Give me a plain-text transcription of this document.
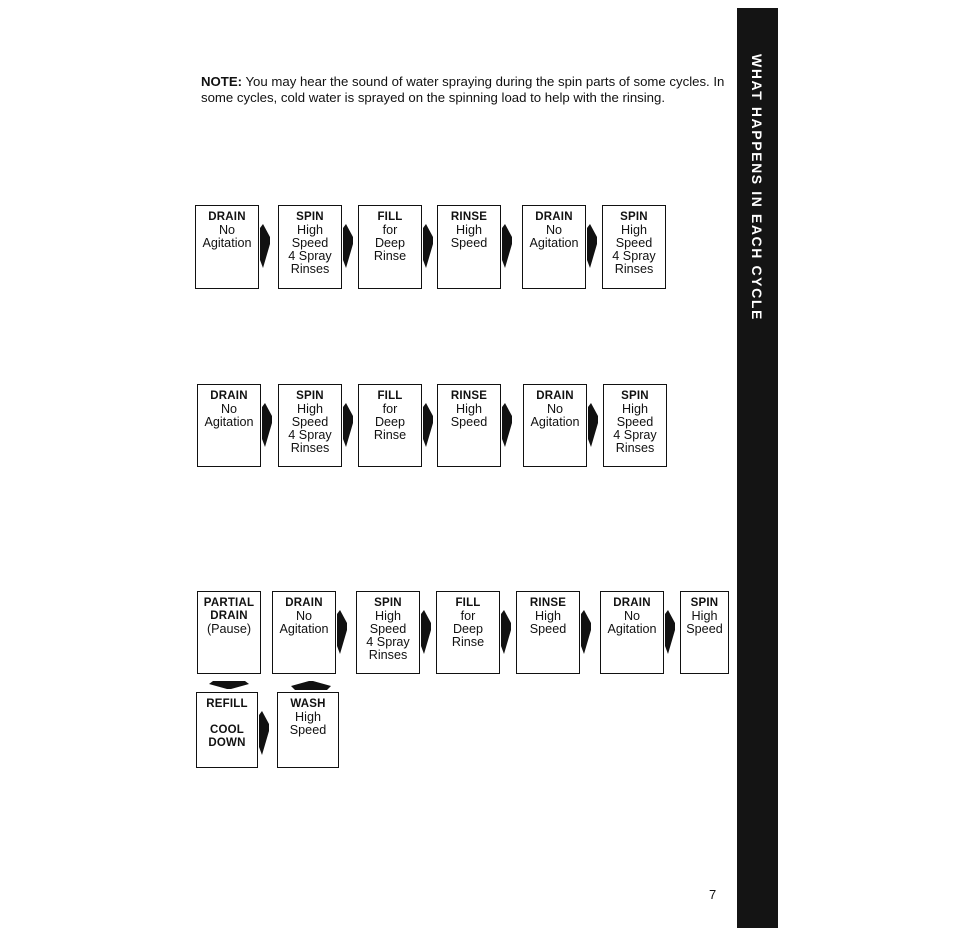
NOTE: You may hear the sound of water spraying during the spin parts of some cycles. In some cycles, cold water is sprayed on the spinning load to help with the rinsing.	WHAT HAPPENS IN EACH CYCLE
7
DRAIN
No
Agitation
SPIN
High
Speed
4 Spray
Rinses
FILL
for
Deep
Rinse
RINSE
High
Speed
DRAIN
No
Agitation
SPIN
High
Speed
4 Spray
Rinses
DRAIN
No
Agitation
SPIN
High
Speed
4 Spray
Rinses
FILL
for
Deep
Rinse
RINSE
High
Speed
DRAIN
No
Agitation
SPIN
High
Speed
4 Spray
Rinses
PARTIAL
DRAIN
(Pause)
DRAIN
No
Agitation
SPIN
High
Speed
4 Spray
Rinses
FILL
for
Deep
Rinse
RINSE
High
Speed
DRAIN
No
Agitation
SPIN
High
Speed
REFILL

COOL
DOWN
WASH
High
Speed
